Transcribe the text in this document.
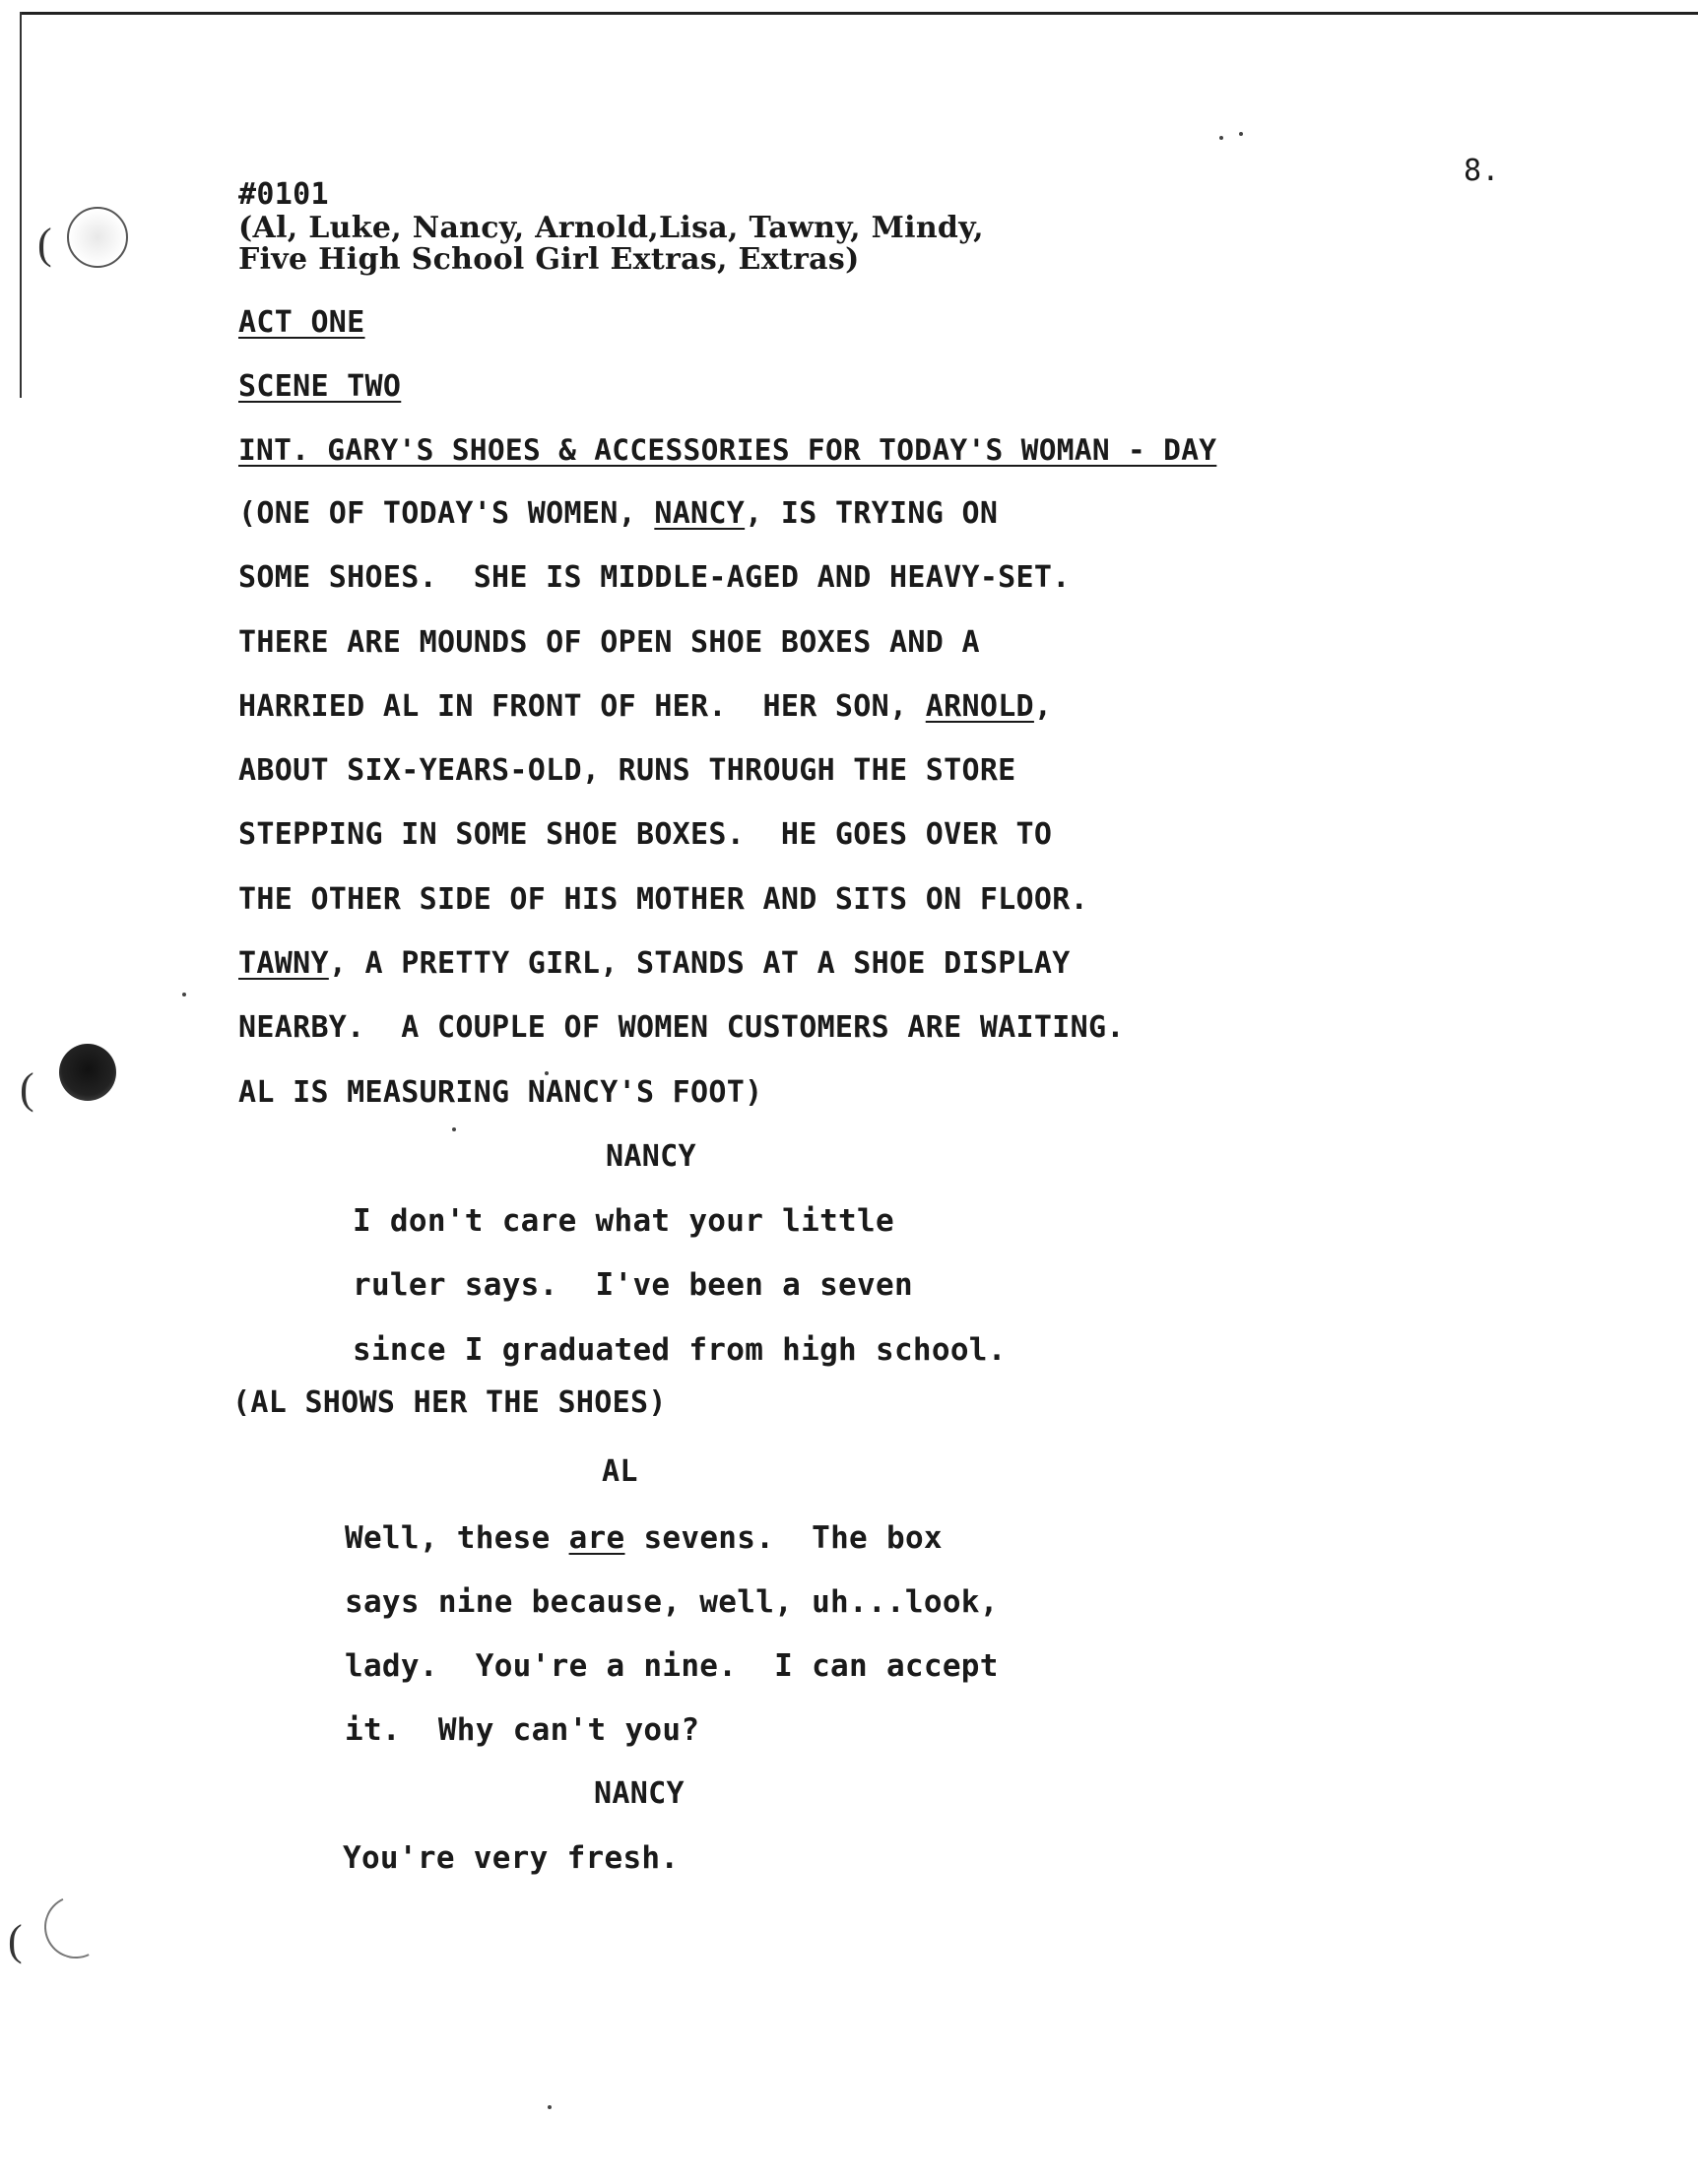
(
(
(
8.
#0101
(Al, Luke, Nancy, Arnold,Lisa, Tawny, Mindy,
Five High School Girl Extras, Extras)
ACT ONE
SCENE TWO
INT. GARY'S SHOES & ACCESSORIES FOR TODAY'S WOMAN - DAY
(ONE OF TODAY'S WOMEN, NANCY, IS TRYING ON
SOME SHOES.  SHE IS MIDDLE-AGED AND HEAVY-SET.
THERE ARE MOUNDS OF OPEN SHOE BOXES AND A
HARRIED AL IN FRONT OF HER.  HER SON, ARNOLD,
ABOUT SIX-YEARS-OLD, RUNS THROUGH THE STORE
STEPPING IN SOME SHOE BOXES.  HE GOES OVER TO
THE OTHER SIDE OF HIS MOTHER AND SITS ON FLOOR.
TAWNY, A PRETTY GIRL, STANDS AT A SHOE DISPLAY
NEARBY.  A COUPLE OF WOMEN CUSTOMERS ARE WAITING.
AL IS MEASURING NANCY'S FOOT)
NANCY
I don't care what your little
ruler says.  I've been a seven
since I graduated from high school.
(AL SHOWS HER THE SHOES)
AL
Well, these are sevens.  The box
says nine because, well, uh...look,
lady.  You're a nine.  I can accept
it.  Why can't you?
NANCY
You're very fresh.
